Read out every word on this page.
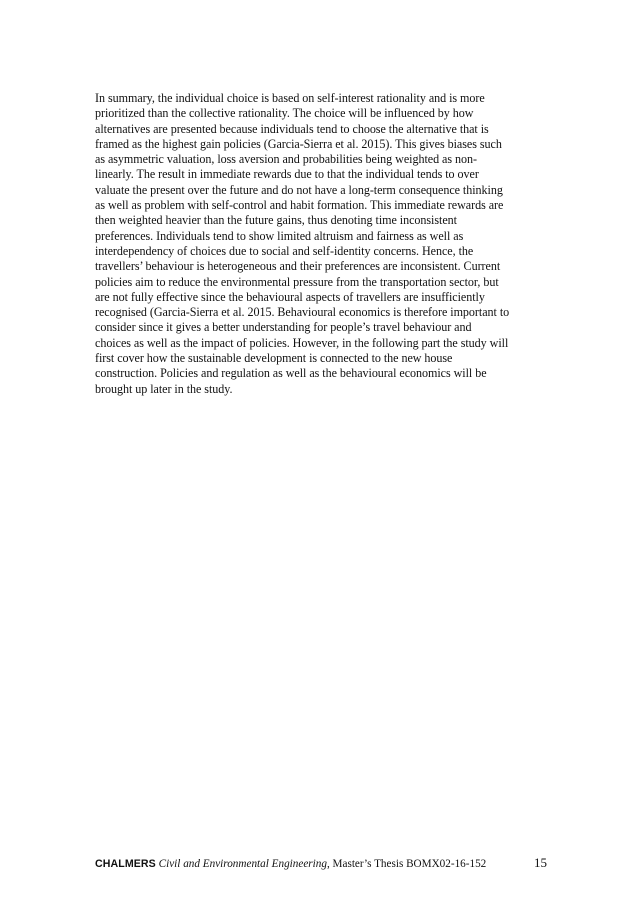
In summary, the individual choice is based on self-interest rationality and is more
prioritized than the collective rationality. The choice will be influenced by how
alternatives are presented because individuals tend to choose the alternative that is
framed as the highest gain policies (Garcia-Sierra et al. 2015). This gives biases such
as asymmetric valuation, loss aversion and probabilities being weighted as non-
linearly. The result in immediate rewards due to that the individual tends to over
valuate the present over the future and do not have a long-term consequence thinking
as well as problem with self-control and habit formation. This immediate rewards are
then weighted heavier than the future gains, thus denoting time inconsistent
preferences. Individuals tend to show limited altruism and fairness as well as
interdependency of choices due to social and self-identity concerns. Hence, the
travellers’ behaviour is heterogeneous and their preferences are inconsistent. Current
policies aim to reduce the environmental pressure from the transportation sector, but
are not fully effective since the behavioural aspects of travellers are insufficiently
recognised (Garcia-Sierra et al. 2015. Behavioural economics is therefore important to
consider since it gives a better understanding for people’s travel behaviour and
choices as well as the impact of policies. However, in the following part the study will
first cover how the sustainable development is connected to the new house
construction. Policies and regulation as well as the behavioural economics will be
brought up later in the study.
CHALMERS Civil and Environmental Engineering, Master’s Thesis BOMX02-16-152	15
